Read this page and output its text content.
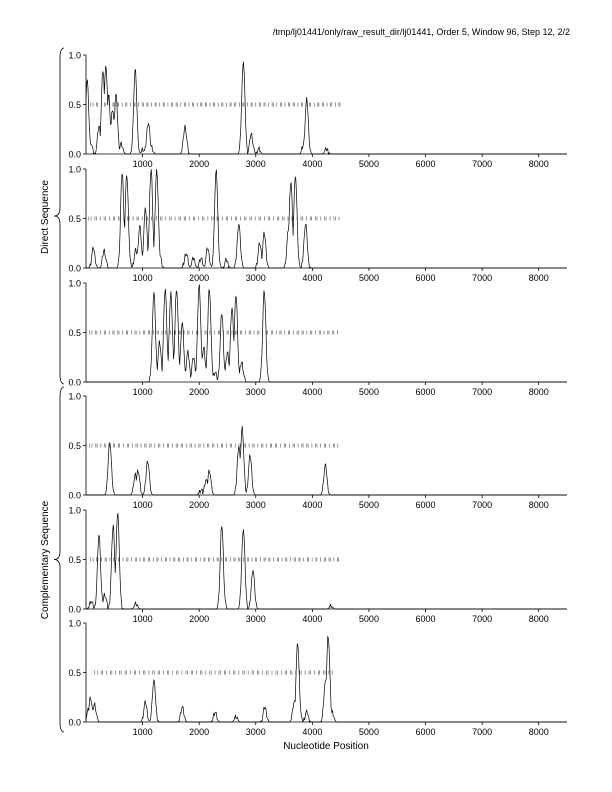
/tmp/lj01441/only/raw_result_dir/lj01441, Order 5, Window 96, Step 12, 2/2
0.0
0.5
1.0
1000	2000	3000	4000	5000	6000	7000	8000
0.0
0.5
1.0
1000	2000	3000	4000	5000	6000	7000	8000
0.0
0.5
1.0
1000	2000	3000	4000	5000	6000	7000	8000
0.0
0.5
1.0
1000	2000	3000	4000	5000	6000	7000	8000
0.0
0.5
1.0
1000	2000	3000	4000	5000	6000	7000	8000
0.0
0.5
1.0
1000	2000	3000	4000	5000	6000	7000	8000
Nucleotide Position
Direct Sequence
Complementary Sequence
